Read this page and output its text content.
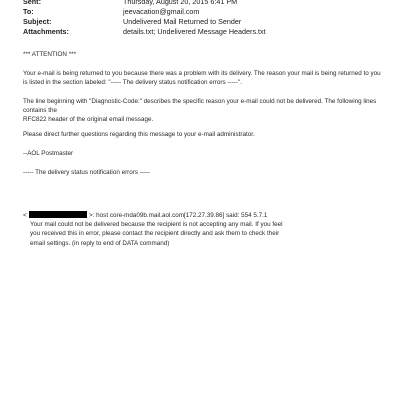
Sent:	Thursday, August 20, 2015 6:41 PM
To:	jeevacation@gmail.com
Subject:	Undelivered Mail Returned to Sender
Attachments:	details.txt; Undelivered Message Headers.txt
*** ATTENTION ***
Your e-mail is being returned to you because there was a problem with its delivery. The reason your mail is being returned to you is listed in the section labeled: "----- The delivery status notification errors -----".
The line beginning with "Diagnostic-Code:" describes the specific reason your e-mail could not be delivered. The following lines contains the
RFC822 header of the original email message.
Please direct further questions regarding this message to your e-mail administrator.
--AOL Postmaster
----- The delivery status notification errors -----
<	>: host core-mda09b.mail.aol.com[172.27.39.86] said: 554 5.7.1
Your mail could not be delivered because the recipient is not accepting any mail. If you feel you received this in error, please contact the recipient directly and ask them to check their email settings. (in reply to end of DATA command)
